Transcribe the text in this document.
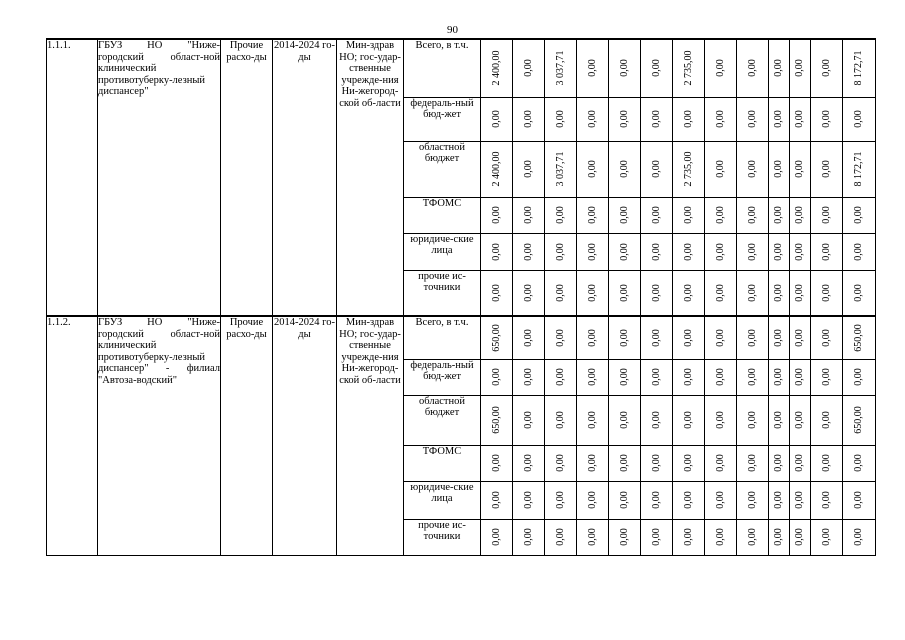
90
1.1.1.	ГБУЗ НО "Ниже-городский област-ной клинический противотуберку-лезный диспансер"	Прочие расхо-ды	2014-2024 го-ды	Мин-здрав НО; гос-удар-ственные учрежде-ния Ни-жегород-ской об-ласти	Всего, в т.ч.	2 400,00	0,00	3 037,71	0,00	0,00	0,00	2 735,00	0,00	0,00	0,00	0,00	0,00	8 172,71

					федераль-ный бюд-жет	0,00	0,00	0,00	0,00	0,00	0,00	0,00	0,00	0,00	0,00	0,00	0,00	0,00

					областной бюджет	2 400,00	0,00	3 037,71	0,00	0,00	0,00	2 735,00	0,00	0,00	0,00	0,00	0,00	8 172,71

					ТФОМС	0,00	0,00	0,00	0,00	0,00	0,00	0,00	0,00	0,00	0,00	0,00	0,00	0,00

					юридиче-ские лица	0,00	0,00	0,00	0,00	0,00	0,00	0,00	0,00	0,00	0,00	0,00	0,00	0,00

					прочие ис-точники	0,00	0,00	0,00	0,00	0,00	0,00	0,00	0,00	0,00	0,00	0,00	0,00	0,00

1.1.2.	ГБУЗ НО "Ниже-городский област-ной клинический противотуберку-лезный диспансер" - филиал "Автоза-водский"	Прочие расхо-ды	2014-2024 го-ды	Мин-здрав НО; гос-удар-ственные учрежде-ния Ни-жегород-ской об-ласти	Всего, в т.ч.	650,00	0,00	0,00	0,00	0,00	0,00	0,00	0,00	0,00	0,00	0,00	0,00	650,00

					федераль-ный бюд-жет	0,00	0,00	0,00	0,00	0,00	0,00	0,00	0,00	0,00	0,00	0,00	0,00	0,00

					областной бюджет	650,00	0,00	0,00	0,00	0,00	0,00	0,00	0,00	0,00	0,00	0,00	0,00	650,00

					ТФОМС	0,00	0,00	0,00	0,00	0,00	0,00	0,00	0,00	0,00	0,00	0,00	0,00	0,00

					юридиче-ские лица	0,00	0,00	0,00	0,00	0,00	0,00	0,00	0,00	0,00	0,00	0,00	0,00	0,00

					прочие ис-точники	0,00	0,00	0,00	0,00	0,00	0,00	0,00	0,00	0,00	0,00	0,00	0,00	0,00
